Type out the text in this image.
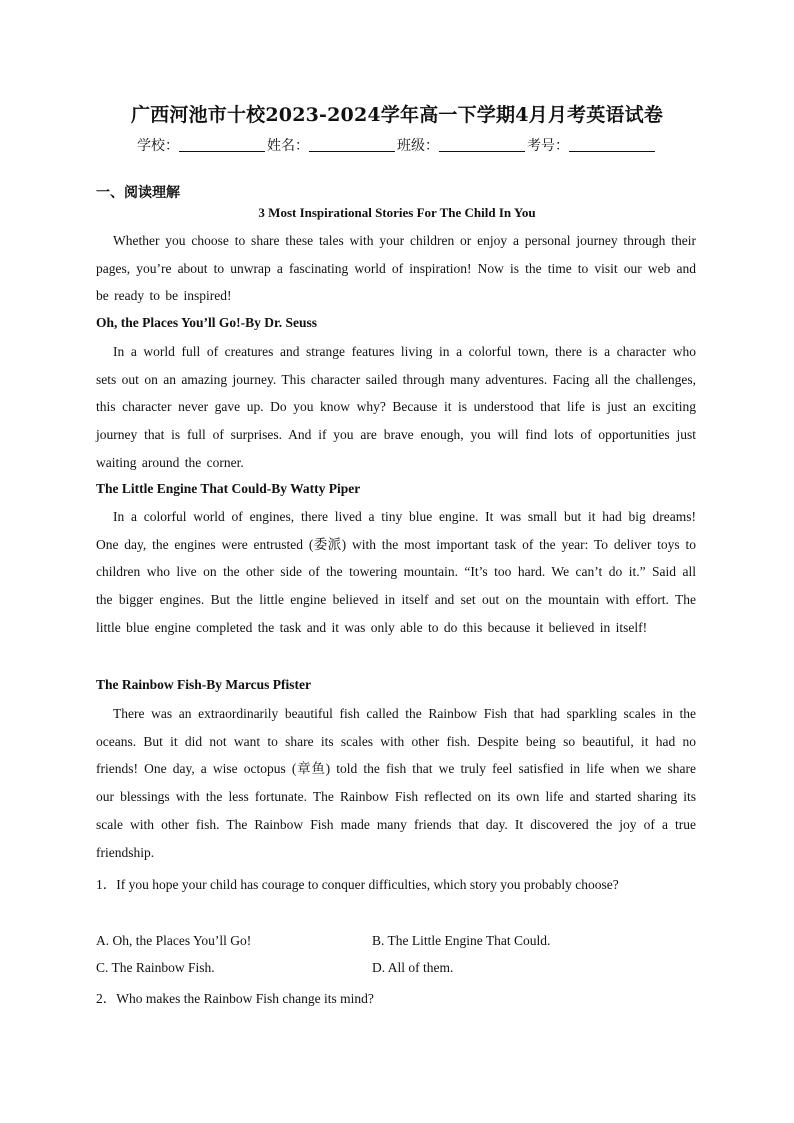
广西河池市十校2023-2024学年高一下学期4月月考英语试卷
学校：	姓名：	班级：	考号：
一、阅读理解
3 Most Inspirational Stories For The Child In You

Whether you choose to share these tales with your children or enjoy a personal journey through their pages, you’re about to unwrap a fascinating world of inspiration! Now is the time to visit our web and be ready to be inspired!

Oh, the Places You’ll Go!-By Dr. Seuss

In a world full of creatures and strange features living in a colorful town, there is a character who sets out on an amazing journey. This character sailed through many adventures. Facing all the challenges, this character never gave up. Do you know why? Because it is understood that life is just an exciting journey that is full of surprises. And if you are brave enough, you will find lots of opportunities just waiting around the corner.

The Little Engine That Could-By Watty Piper

In a colorful world of engines, there lived a tiny blue engine. It was small but it had big dreams! One day, the engines were entrusted (委派) with the most important task of the year: To deliver toys to children who live on the other side of the towering mountain. “It’s too hard. We can’t do it.” Said all the bigger engines. But the little engine believed in itself and set out on the mountain with effort. The little blue engine completed the task and it was only able to do this because it believed in itself!

The Rainbow Fish-By Marcus Pfister

There was an extraordinarily beautiful fish called the Rainbow Fish that had sparkling scales in the oceans. But it did not want to share its scales with other fish. Despite being so beautiful, it had no friends! One day, a wise octopus (章鱼) told the fish that we truly feel satisfied in life when we share our blessings with the less fortunate. The Rainbow Fish reflected on its own life and started sharing its scale with other fish. The Rainbow Fish made many friends that day. It discovered the joy of a true friendship.

1．If you hope your child has courage to conquer difficulties, which story you probably choose?

A. Oh, the Places You’ll Go!	B. The Little Engine That Could.
C. The Rainbow Fish.	D. All of them.

2．Who makes the Rainbow Fish change its mind?
